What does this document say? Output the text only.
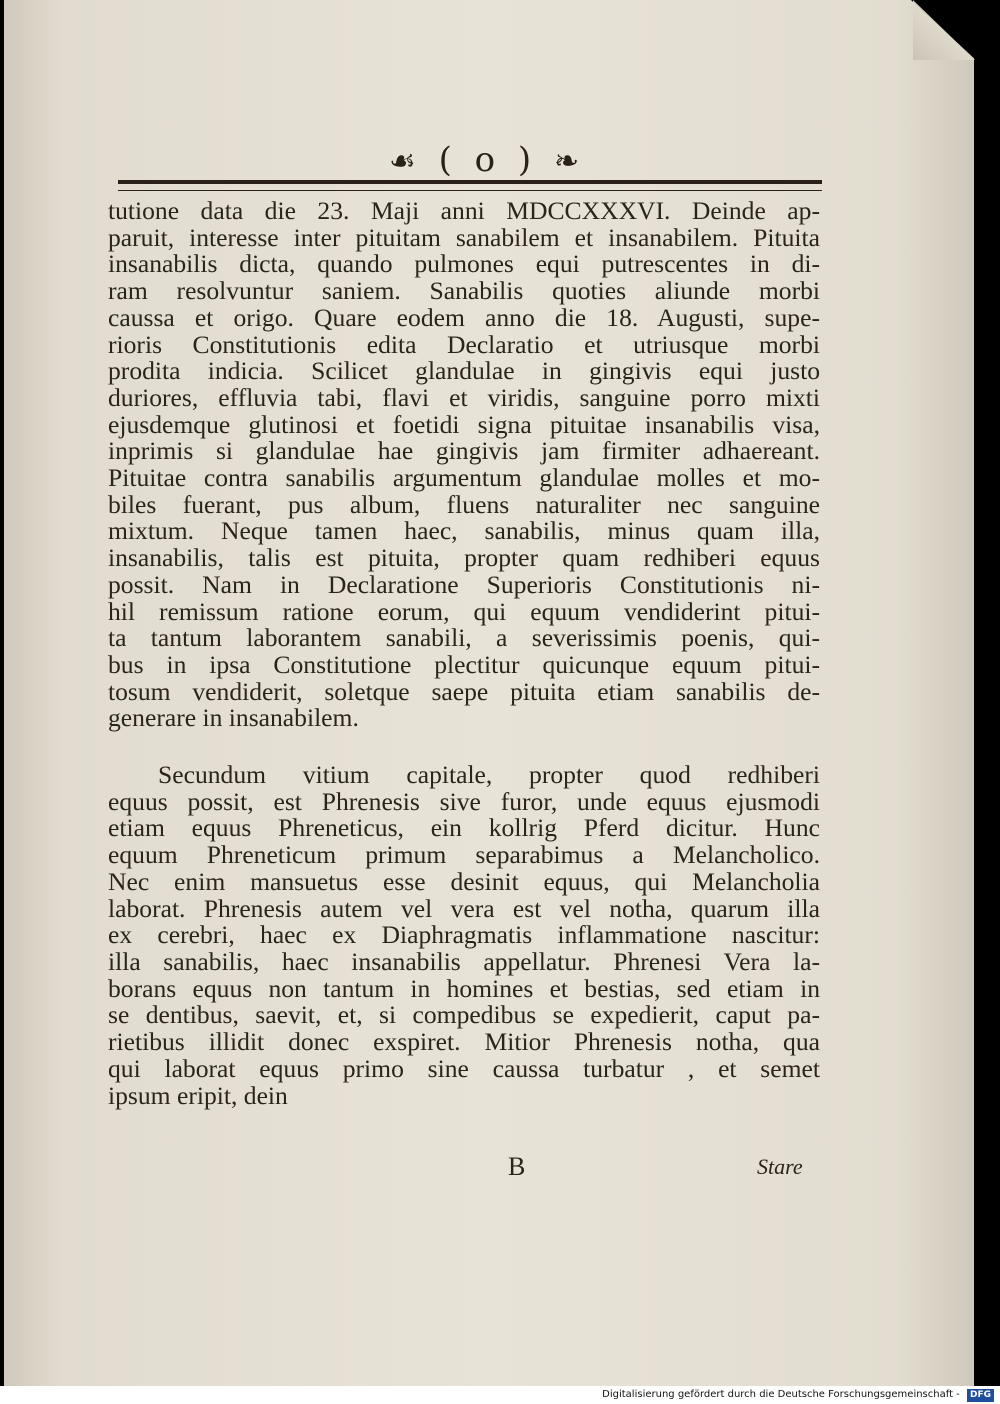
☙ ( o ) ❧
tutione data die 23. Maji anni MDCCXXXVI. Deinde ap-
paruit, interesse inter pituitam sanabilem et insanabilem. Pituita
insanabilis dicta, quando pulmones equi putrescentes in di-
ram resolvuntur saniem. Sanabilis quoties aliunde morbi
caussa et origo. Quare eodem anno die 18. Augusti, supe-
rioris Constitutionis edita Declaratio et utriusque morbi
prodita indicia. Scilicet glandulae in gingivis equi justo
duriores, effluvia tabi, flavi et viridis, sanguine porro mixti
ejusdemque glutinosi et foetidi signa pituitae insanabilis visa,
inprimis si glandulae hae gingivis jam firmiter adhaereant.
Pituitae contra sanabilis argumentum glandulae molles et mo-
biles fuerant, pus album, fluens naturaliter nec sanguine
mixtum. Neque tamen haec, sanabilis, minus quam illa,
insanabilis, talis est pituita, propter quam redhiberi equus
possit. Nam in Declaratione Superioris Constitutionis ni-
hil remissum ratione eorum, qui equum vendiderint pitui-
ta tantum laborantem sanabili, a severissimis poenis, qui-
bus in ipsa Constitutione plectitur quicunque equum pitui-
tosum vendiderit, soletque saepe pituita etiam sanabilis de-
generare in insanabilem.
Secundum vitium capitale, propter quod redhiberi
equus possit, est Phrenesis sive furor, unde equus ejusmodi
etiam equus Phreneticus, ein kollrig Pferd dicitur. Hunc
equum Phreneticum primum separabimus a Melancholico.
Nec enim mansuetus esse desinit equus, qui Melancholia
laborat. Phrenesis autem vel vera est vel notha, quarum illa
ex cerebri, haec ex Diaphragmatis inflammatione nascitur:
illa sanabilis, haec insanabilis appellatur. Phrenesi Vera la-
borans equus non tantum in homines et bestias, sed etiam in
se dentibus, saevit, et, si compedibus se expedierit, caput pa-
rietibus illidit donec exspiret. Mitior Phrenesis notha, qua
qui laborat equus primo sine caussa turbatur , et semet
ipsum eripit, dein
B	Stare
Digitalisierung gefördert durch die Deutsche Forschungsgemeinschaft - DFG
